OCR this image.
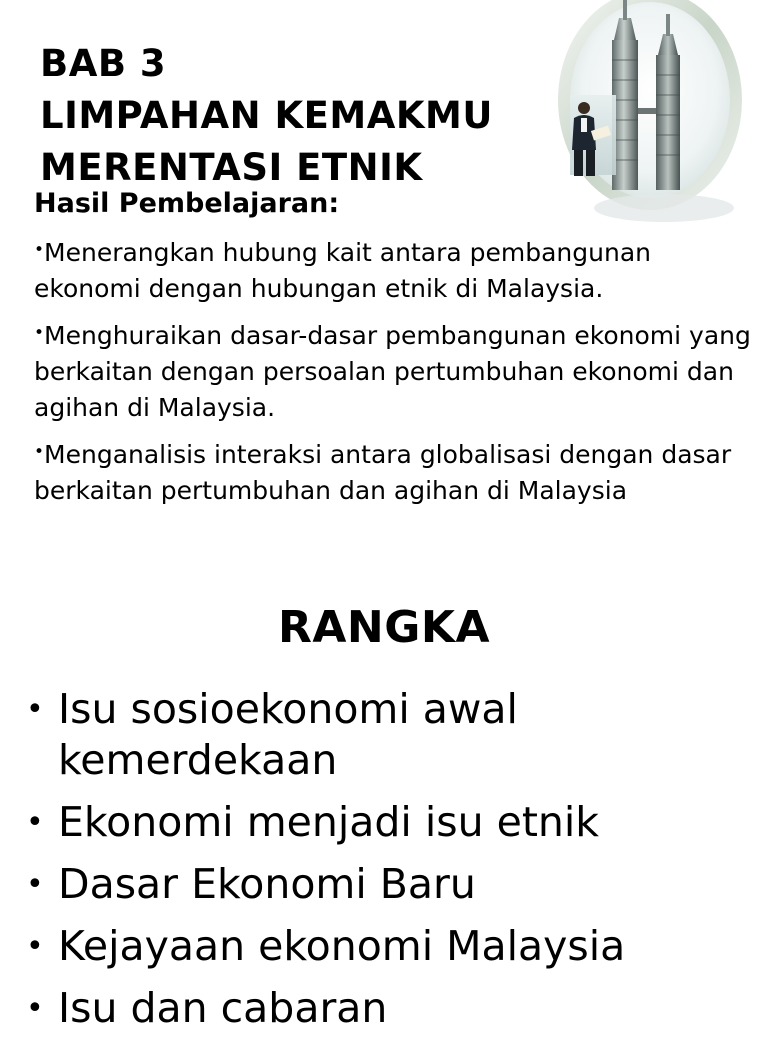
BAB 3
LIMPAHAN KEMAKMU
MERENTASI ETNIK
Hasil Pembelajaran:
•Menerangkan hubung kait antara pembangunan ekonomi dengan hubungan etnik di Malaysia.
•Menghuraikan dasar-dasar pembangunan ekonomi yang berkaitan dengan persoalan pertumbuhan ekonomi dan agihan di Malaysia.
•Menganalisis interaksi antara globalisasi dengan dasar berkaitan pertumbuhan dan agihan di Malaysia
RANGKA
• Isu sosioekonomi awal kemerdekaan
• Ekonomi menjadi isu etnik
• Dasar Ekonomi Baru
• Kejayaan ekonomi Malaysia
• Isu dan cabaran
